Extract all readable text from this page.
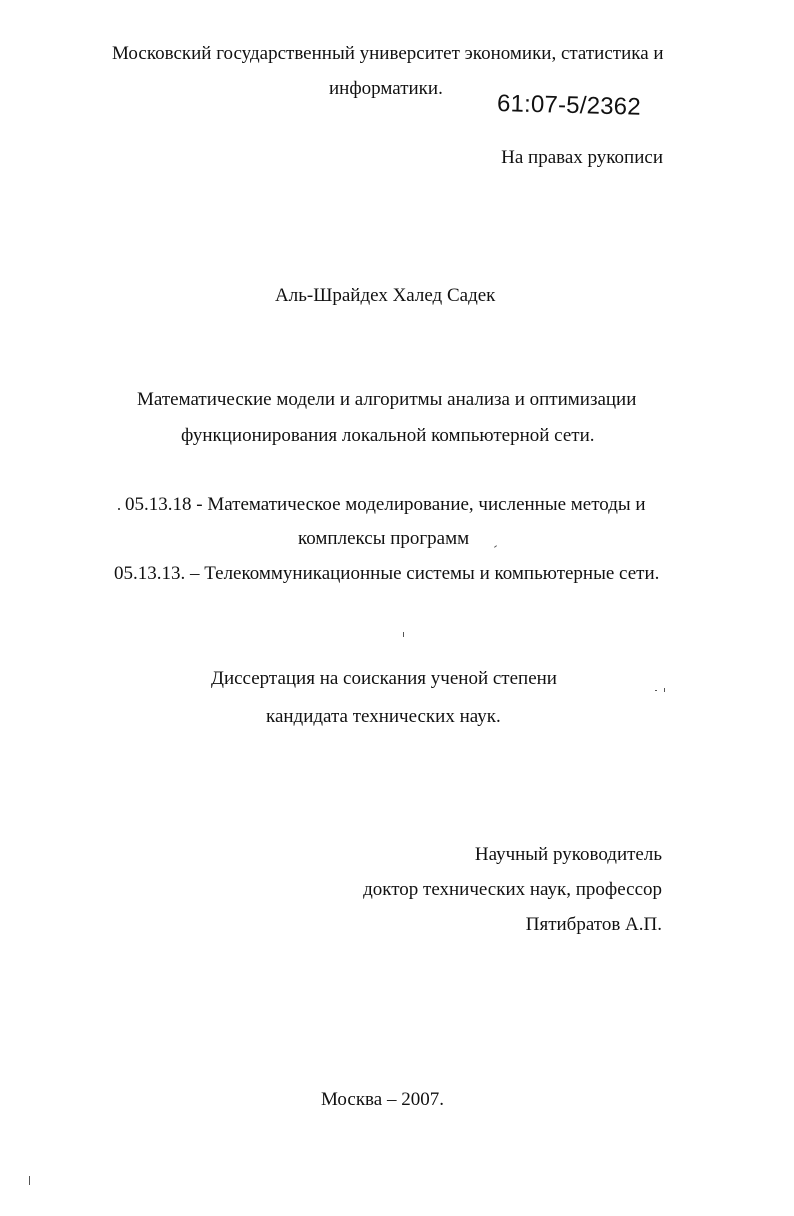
Московский государственный университет экономики, статистика и
информатики.
61:07-5/2362
На правах рукописи
Аль-Шрайдех Халед Садек
Математические модели и алгоритмы анализа и оптимизации
функционирования локальной компьютерной сети.
05.13.18 - Математическое моделирование, численные методы и
комплексы программ
05.13.13. – Телекоммуникационные системы и компьютерные сети.
Диссертация на соискания ученой степени
кандидата технических наук.
Научный руководитель
доктор технических наук, профессор
Пятибратов А.П.
Москва – 2007.
